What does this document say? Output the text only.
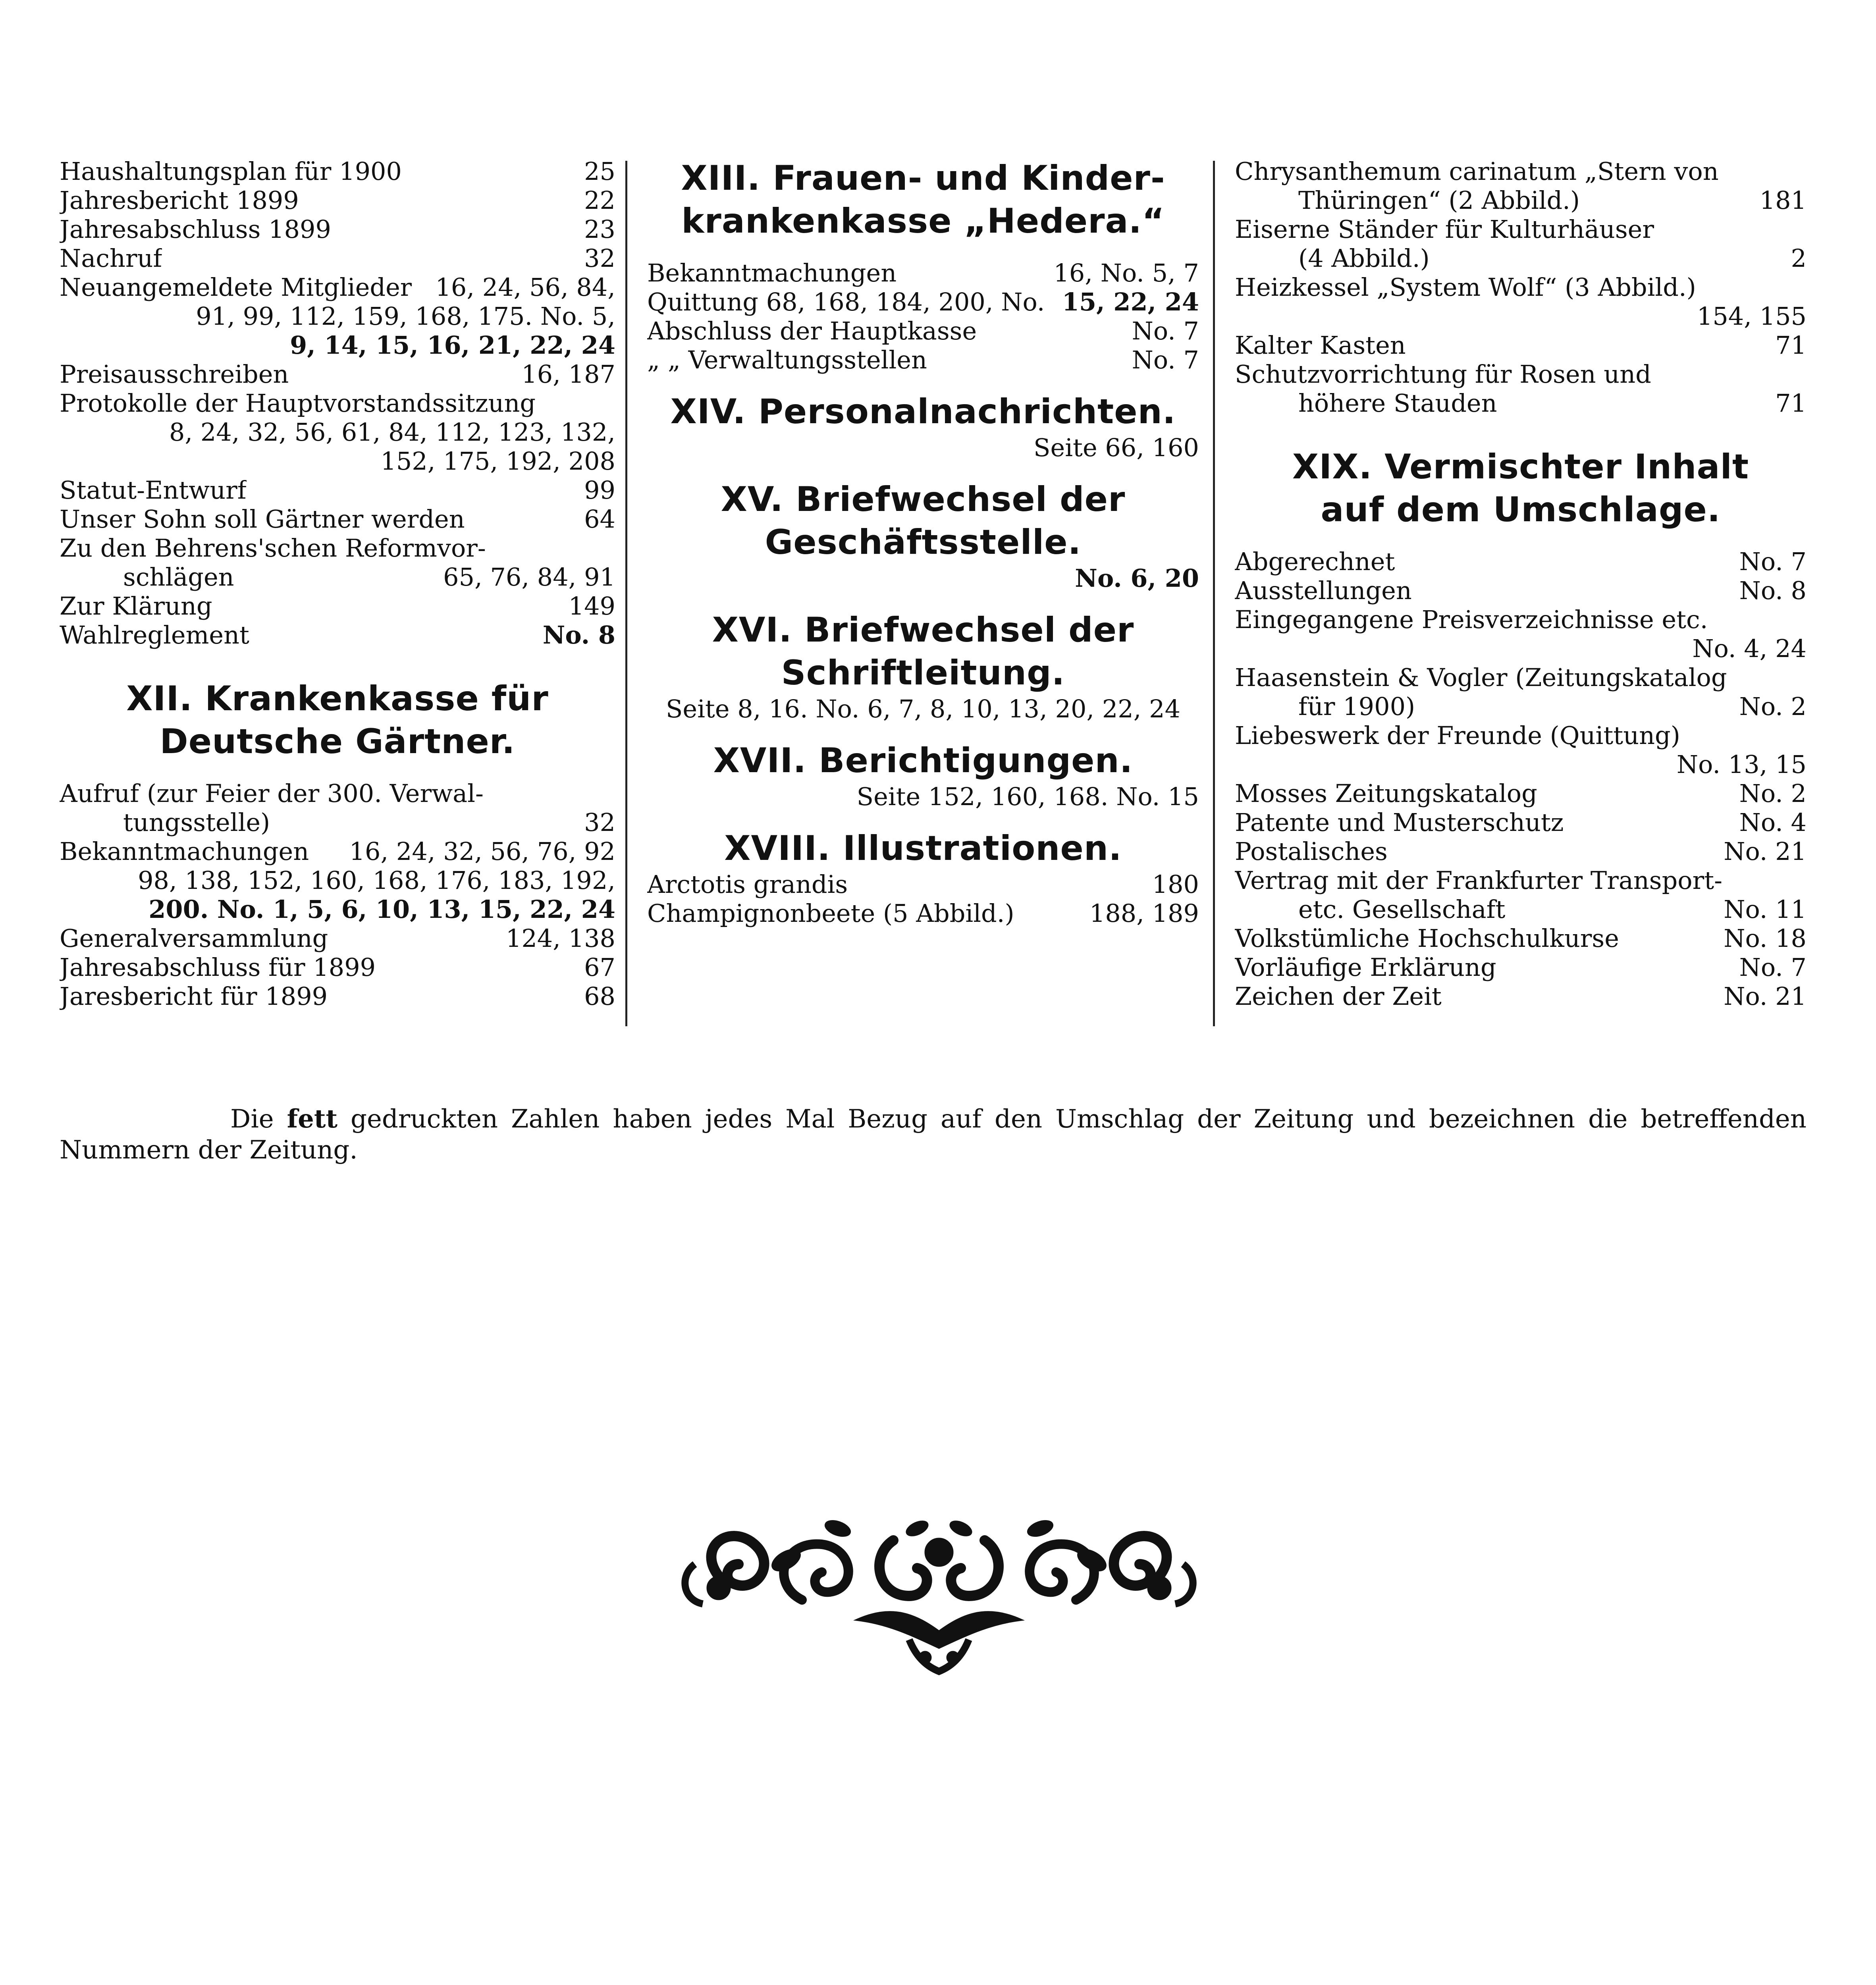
Haushaltungsplan für 1900	25
Jahresbericht 1899	22
Jahresabschluss 1899	23
Nachruf	32
Neuangemeldete Mitglieder 16, 24, 56, 84,
91, 99, 112, 159, 168, 175. No. 5,
9, 14, 15, 16, 21, 22, 24
Preisausschreiben	16, 187
Protokolle der Hauptvorstandssitzung
8, 24, 32, 56, 61, 84, 112, 123, 132,
152, 175, 192, 208
Statut-Entwurf	99
Unser Sohn soll Gärtner werden	64
Zu den Behrens'schen Reformvor-
schlägen	65, 76, 84, 91
Zur Klärung	149
Wahlreglement	No. 8
XII. Krankenkasse für
Deutsche Gärtner.
Aufruf (zur Feier der 300. Verwal-
tungsstelle)	32
Bekanntmachungen	16, 24, 32, 56, 76, 92
98, 138, 152, 160, 168, 176, 183, 192,
200. No. 1, 5, 6, 10, 13, 15, 22, 24
Generalversammlung	124, 138
Jahresabschluss für 1899	67
Jaresbericht für 1899	68
XIII. Frauen- und Kinder-
krankenkasse „Hedera.“
Bekanntmachungen	16, No. 5, 7
Quittung 68, 168, 184, 200, No. 15, 22, 24
Abschluss der Hauptkasse	No. 7
„ „ Verwaltungsstellen	No. 7
XIV. Personalnachrichten.
Seite 66, 160
XV. Briefwechsel der
Geschäftsstelle.
No. 6, 20
XVI. Briefwechsel der
Schriftleitung.
Seite 8, 16. No. 6, 7, 8, 10, 13, 20, 22, 24
XVII. Berichtigungen.
Seite 152, 160, 168. No. 15
XVIII. Illustrationen.
Arctotis grandis	180
Champignonbeete (5 Abbild.)	188, 189
Chrysanthemum carinatum „Stern von
Thüringen“ (2 Abbild.)	181
Eiserne Ständer für Kulturhäuser
(4 Abbild.)	2
Heizkessel „System Wolf“ (3 Abbild.)
154, 155
Kalter Kasten	71
Schutzvorrichtung für Rosen und
höhere Stauden	71
XIX. Vermischter Inhalt
auf dem Umschlage.
Abgerechnet	No. 7
Ausstellungen	No. 8
Eingegangene Preisverzeichnisse etc.
No. 4, 24
Haasenstein & Vogler (Zeitungskatalog
für 1900)	No. 2
Liebeswerk der Freunde (Quittung)
No. 13, 15
Mosses Zeitungskatalog	No. 2
Patente und Musterschutz	No. 4
Postalisches	No. 21
Vertrag mit der Frankfurter Transport-
etc. Gesellschaft	No. 11
Volkstümliche Hochschulkurse	No. 18
Vorläufige Erklärung	No. 7
Zeichen der Zeit	No. 21
Die fett gedruckten Zahlen haben jedes Mal Bezug auf den Umschlag der Zeitung und bezeichnen die betreffenden Nummern der Zeitung.
